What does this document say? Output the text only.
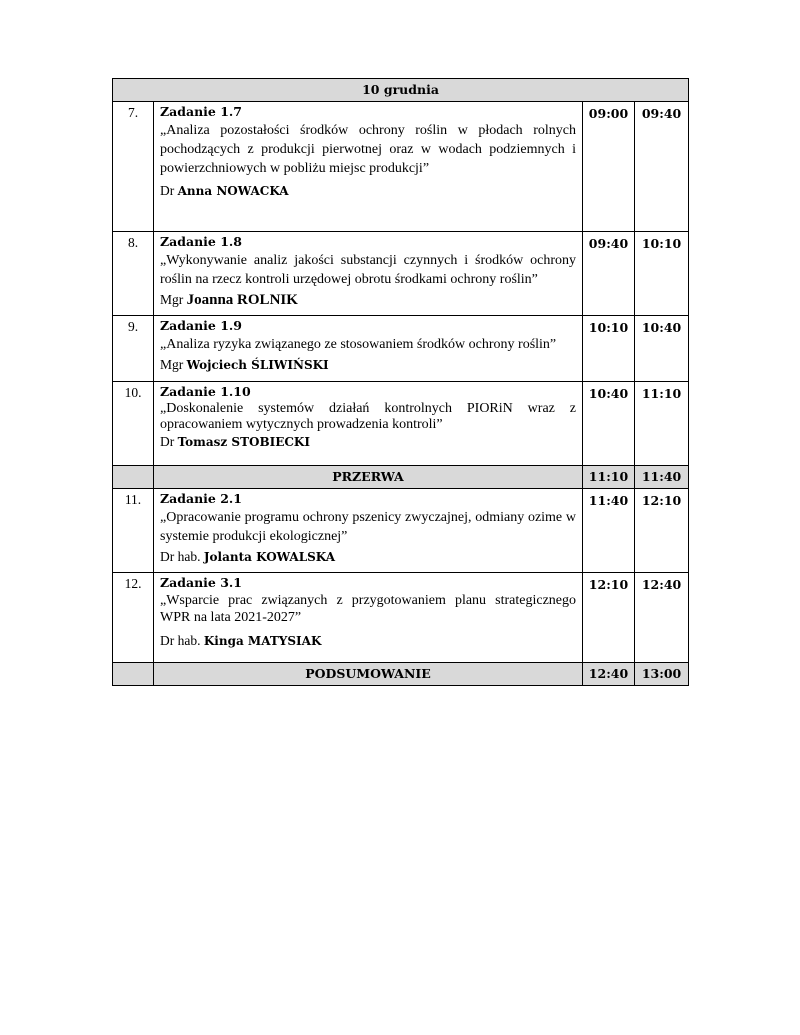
10 grudnia			
7.	Zadanie 1.7
„Analiza pozostałości środków ochrony roślin w płodach rolnych pochodzących z produkcji pierwotnej oraz w wodach podziemnych i powierzchniowych w pobliżu miejsc produkcji”
Dr Anna NOWACKA	09:00	09:40
8.	Zadanie 1.8
„Wykonywanie analiz jakości substancji czynnych i środków ochrony roślin na rzecz kontroli urzędowej obrotu środkami ochrony roślin”
Mgr Joanna ROLNIK	09:40	10:10
9.	Zadanie 1.9
„Analiza ryzyka związanego ze stosowaniem środków ochrony roślin”
Mgr Wojciech ŚLIWIŃSKI	10:10	10:40
10.	Zadanie 1.10
„Doskonalenie systemów działań kontrolnych PIORiN wraz z opracowaniem wytycznych prowadzenia kontroli”
Dr Tomasz STOBIECKI	10:40	11:10
	PRZERWA	11:10	11:40
11.	Zadanie 2.1
„Opracowanie programu ochrony pszenicy zwyczajnej, odmiany ozime w systemie produkcji ekologicznej”
Dr hab. Jolanta KOWALSKA	11:40	12:10
12.	Zadanie 3.1
„Wsparcie prac związanych z przygotowaniem planu strategicznego WPR na lata 2021-2027”
Dr hab. Kinga MATYSIAK	12:10	12:40
	PODSUMOWANIE	12:40	13:00
